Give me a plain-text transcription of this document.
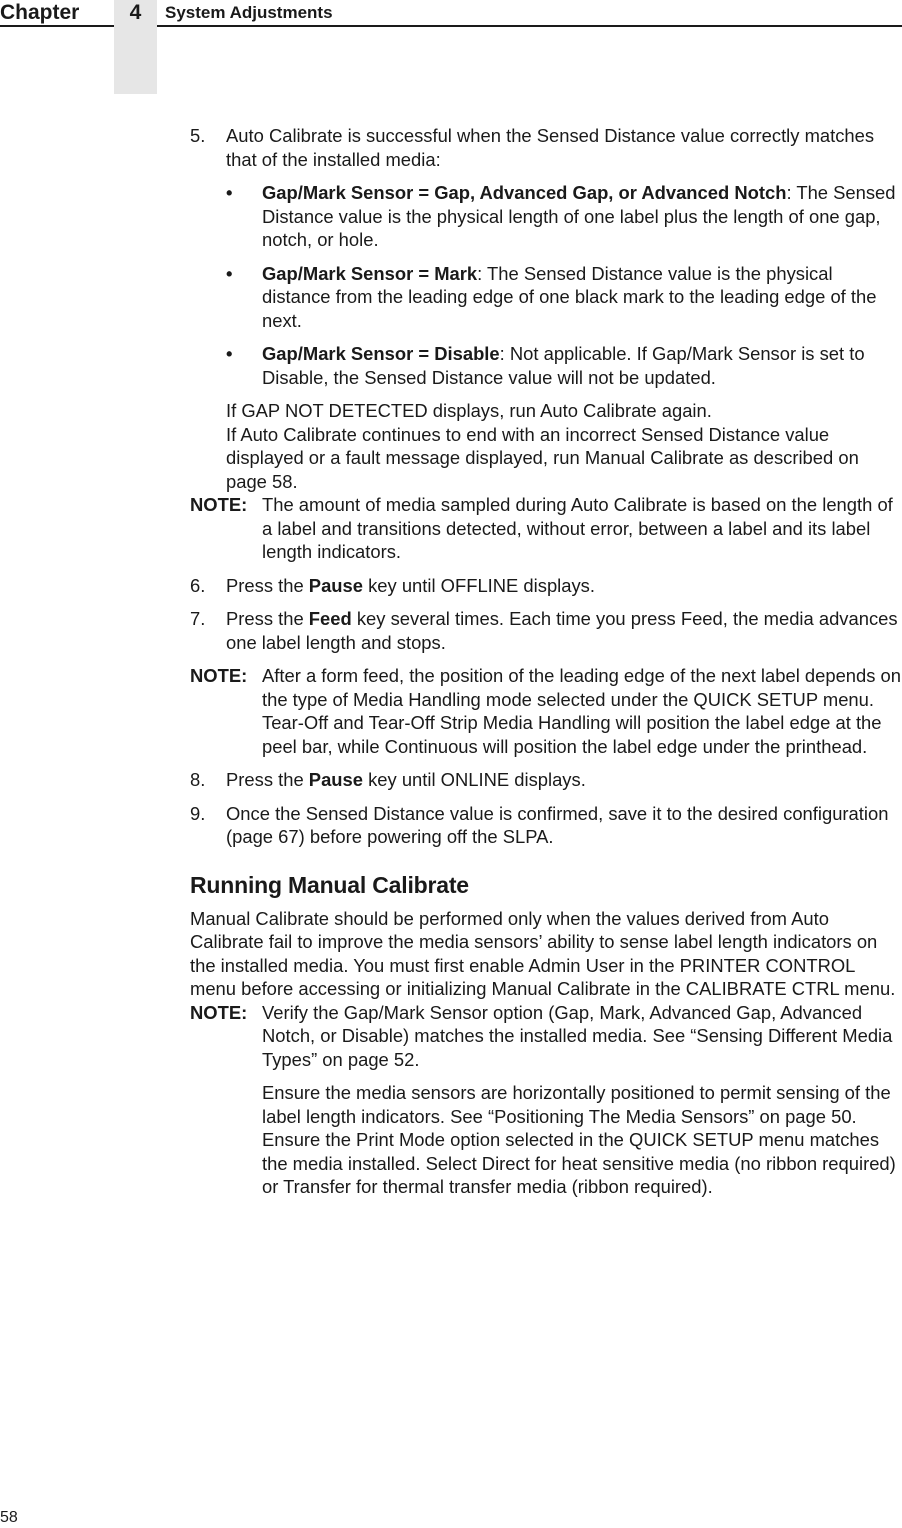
Chapter	4	System Adjustments
5. Auto Calibrate is successful when the Sensed Distance value correctly matches that of the installed media:

• Gap/Mark Sensor = Gap, Advanced Gap, or Advanced Notch: The Sensed Distance value is the physical length of one label plus the length of one gap, notch, or hole.

• Gap/Mark Sensor = Mark: The Sensed Distance value is the physical distance from the leading edge of one black mark to the leading edge of the next.

• Gap/Mark Sensor = Disable: Not applicable. If Gap/Mark Sensor is set to Disable, the Sensed Distance value will not be updated.

If GAP NOT DETECTED displays, run Auto Calibrate again.

If Auto Calibrate continues to end with an incorrect Sensed Distance value displayed or a fault message displayed, run Manual Calibrate as described on page 58.

NOTE: The amount of media sampled during Auto Calibrate is based on the length of a label and transitions detected, without error, between a label and its label length indicators.

6. Press the Pause key until OFFLINE displays.

7. Press the Feed key several times. Each time you press Feed, the media advances one label length and stops.

NOTE: After a form feed, the position of the leading edge of the next label depends on the type of Media Handling mode selected under the QUICK SETUP menu. Tear-Off and Tear-Off Strip Media Handling will position the label edge at the peel bar, while Continuous will position the label edge under the printhead.

8. Press the Pause key until ONLINE displays.

9. Once the Sensed Distance value is confirmed, save it to the desired configuration (page 67) before powering off the SLPA.

Running Manual Calibrate

Manual Calibrate should be performed only when the values derived from Auto Calibrate fail to improve the media sensors’ ability to sense label length indicators on the installed media. You must first enable Admin User in the PRINTER CONTROL menu before accessing or initializing Manual Calibrate in the CALIBRATE CTRL menu.

NOTE: Verify the Gap/Mark Sensor option (Gap, Mark, Advanced Gap, Advanced Notch, or Disable) matches the installed media. See “Sensing Different Media Types” on page 52.

Ensure the media sensors are horizontally positioned to permit sensing of the label length indicators. See “Positioning The Media Sensors” on page 50.

Ensure the Print Mode option selected in the QUICK SETUP menu matches the media installed. Select Direct for heat sensitive media (no ribbon required) or Transfer for thermal transfer media (ribbon required).

58
